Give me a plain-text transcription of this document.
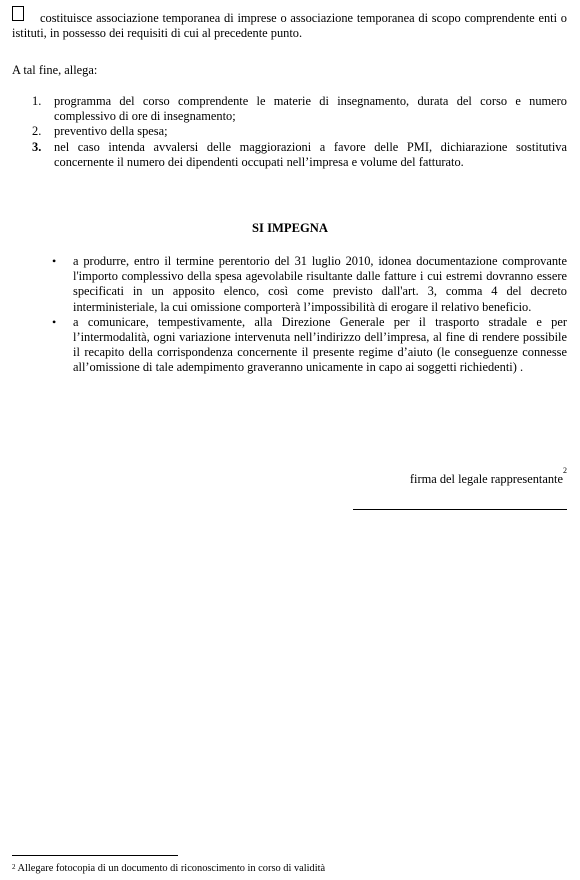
costituisce associazione temporanea di imprese o associazione temporanea di scopo comprendente enti o istituti, in possesso dei requisiti di cui al precedente punto.
A tal fine, allega:
1. programma del corso comprendente le materie di insegnamento, durata del corso e numero complessivo di ore di insegnamento;
2. preventivo della spesa;
3. nel caso intenda avvalersi delle maggiorazioni a favore delle PMI, dichiarazione sostitutiva concernente il numero dei dipendenti occupati nell’impresa e volume del fatturato.
SI IMPEGNA
• a produrre, entro il termine perentorio del 31 luglio 2010, idonea documentazione comprovante l'importo complessivo della spesa agevolabile risultante dalle fatture i cui estremi dovranno essere specificati in un apposito elenco, così come previsto dall'art. 3, comma 4 del decreto interministeriale, la cui omissione comporterà l’impossibilità di erogare il relativo beneficio.
• a comunicare, tempestivamente, alla Direzione Generale per il trasporto stradale e per l’intermodalità, ogni variazione intervenuta nell’indirizzo dell’impresa, al fine di rendere possibile il recapito della corrispondenza concernente il presente regime d’aiuto (le conseguenze connesse all’omissione di tale adempimento graveranno unicamente in capo ai soggetti richiedenti) .
firma del legale rappresentante$^2$
$^2$ Allegare fotocopia di un documento di riconoscimento in corso di validità
